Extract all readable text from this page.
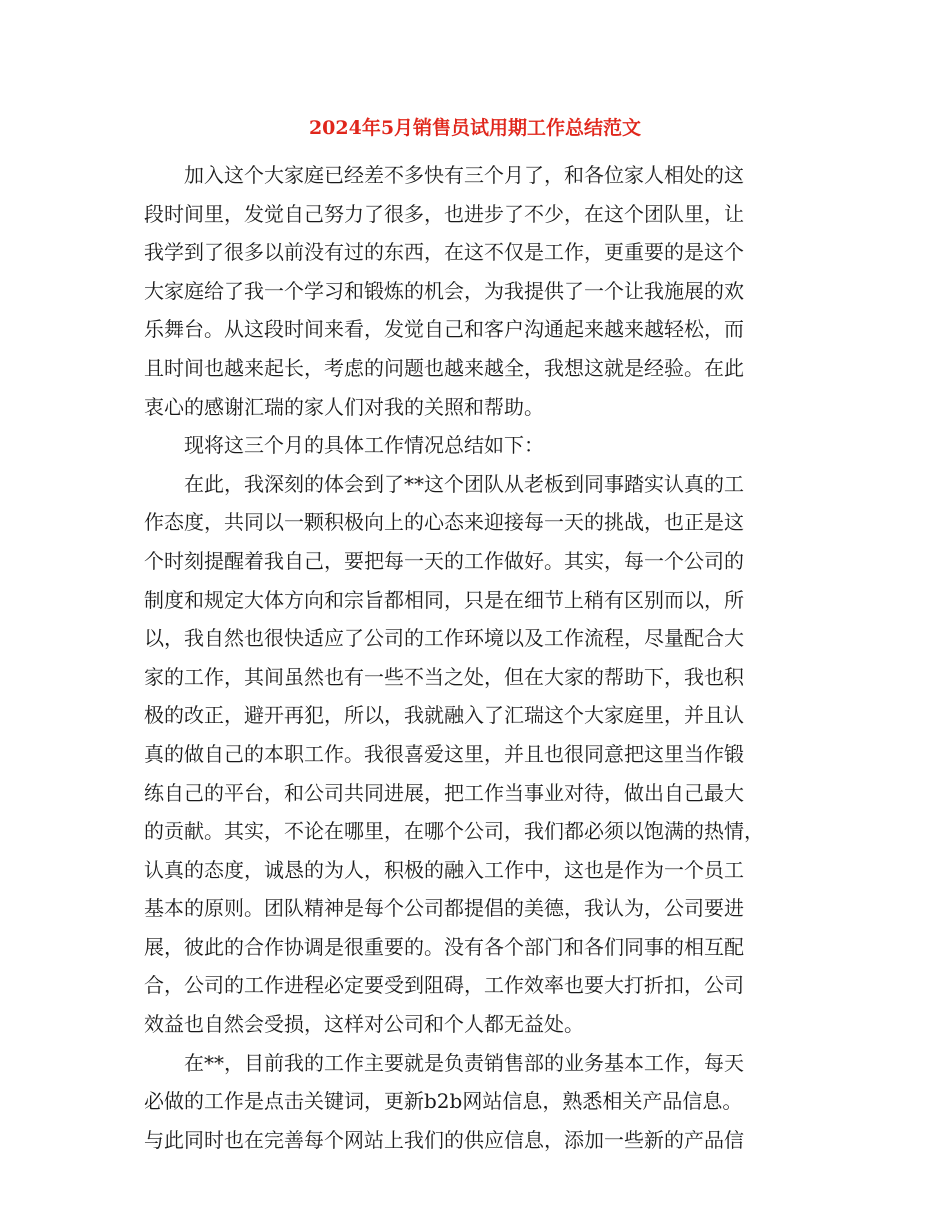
2024年5月销售员试用期工作总结范文
加入这个大家庭已经差不多快有三个月了，和各位家人相处的这
段时间里，发觉自己努力了很多，也进步了不少，在这个团队里，让
我学到了很多以前没有过的东西，在这不仅是工作，更重要的是这个
大家庭给了我一个学习和锻炼的机会，为我提供了一个让我施展的欢
乐舞台。从这段时间来看，发觉自己和客户沟通起来越来越轻松，而
且时间也越来起长，考虑的问题也越来越全，我想这就是经验。在此
衷心的感谢汇瑞的家人们对我的关照和帮助。
现将这三个月的具体工作情况总结如下：
在此，我深刻的体会到了**这个团队从老板到同事踏实认真的工
作态度，共同以一颗积极向上的心态来迎接每一天的挑战，也正是这
个时刻提醒着我自己，要把每一天的工作做好。其实，每一个公司的
制度和规定大体方向和宗旨都相同，只是在细节上稍有区别而以，所
以，我自然也很快适应了公司的工作环境以及工作流程，尽量配合大
家的工作，其间虽然也有一些不当之处，但在大家的帮助下，我也积
极的改正，避开再犯，所以，我就融入了汇瑞这个大家庭里，并且认
真的做自己的本职工作。我很喜爱这里，并且也很同意把这里当作锻
练自己的平台，和公司共同进展，把工作当事业对待，做出自己最大
的贡献。其实，不论在哪里，在哪个公司，我们都必须以饱满的热情，
认真的态度，诚恳的为人，积极的融入工作中，这也是作为一个员工
基本的原则。团队精神是每个公司都提倡的美德，我认为，公司要进
展，彼此的合作协调是很重要的。没有各个部门和各们同事的相互配
合，公司的工作进程必定要受到阻碍，工作效率也要大打折扣，公司
效益也自然会受损，这样对公司和个人都无益处。
在**，目前我的工作主要就是负责销售部的业务基本工作，每天
必做的工作是点击关键词，更新b2b网站信息，熟悉相关产品信息。
与此同时也在完善每个网站上我们的供应信息，添加一些新的产品信
